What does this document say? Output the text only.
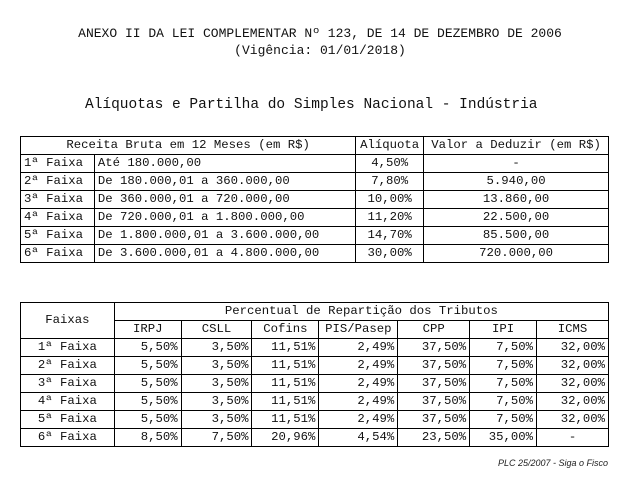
ANEXO II DA LEI COMPLEMENTAR Nº 123, DE 14 DE DEZEMBRO DE 2006
(Vigência: 01/01/2018)
Alíquotas e Partilha do Simples Nacional - Indústria
Receita Bruta em 12 Meses (em R$)		Alíquota	Valor a Deduzir (em R$)
1ª Faixa	Até 180.000,00	4,50%	-
2ª Faixa	De 180.000,01 a 360.000,00	7,80%	5.940,00
3ª Faixa	De 360.000,01 a 720.000,00	10,00%	13.860,00
4ª Faixa	De 720.000,01 a 1.800.000,00	11,20%	22.500,00
5ª Faixa	De 1.800.000,01 a 3.600.000,00	14,70%	85.500,00
6ª Faixa	De 3.600.000,01 a 4.800.000,00	30,00%	720.000,00
Faixas	Percentual de Repartição dos Tributos						
	IRPJ	CSLL	Cofins	PIS/Pasep	CPP	IPI	ICMS
1ª Faixa	5,50%	3,50%	11,51%	2,49%	37,50%	7,50%	32,00%
2ª Faixa	5,50%	3,50%	11,51%	2,49%	37,50%	7,50%	32,00%
3ª Faixa	5,50%	3,50%	11,51%	2,49%	37,50%	7,50%	32,00%
4ª Faixa	5,50%	3,50%	11,51%	2,49%	37,50%	7,50%	32,00%
5ª Faixa	5,50%	3,50%	11,51%	2,49%	37,50%	7,50%	32,00%
6ª Faixa	8,50%	7,50%	20,96%	4,54%	23,50%	35,00%	-
PLC 25/2007 - Siga o Fisco
